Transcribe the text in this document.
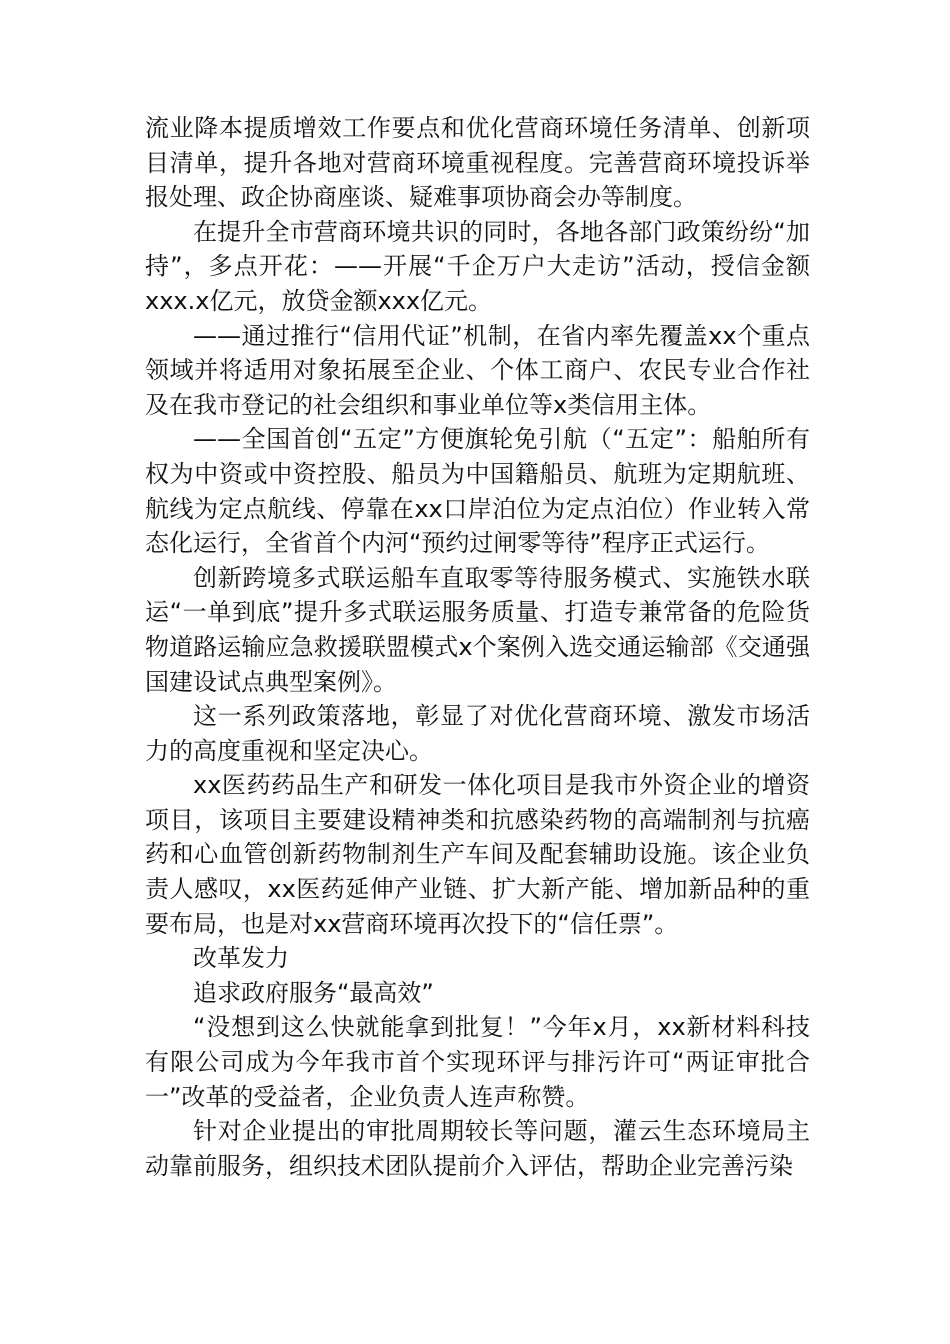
流业降本提质增效工作要点和优化营商环境任务清单、创新项目清单，提升各地对营商环境重视程度。完善营商环境投诉举报处理、政企协商座谈、疑难事项协商会办等制度。

在提升全市营商环境共识的同时，各地各部门政策纷纷“加持”，多点开花：——开展“千企万户大走访”活动，授信金额xxx.x亿元，放贷金额xxx亿元。

——通过推行“信用代证”机制，在省内率先覆盖xx个重点领域并将适用对象拓展至企业、个体工商户、农民专业合作社及在我市登记的社会组织和事业单位等x类信用主体。

——全国首创“五定”方便旗轮免引航（“五定”：船舶所有权为中资或中资控股、船员为中国籍船员、航班为定期航班、航线为定点航线、停靠在xx口岸泊位为定点泊位）作业转入常态化运行，全省首个内河“预约过闸零等待”程序正式运行。

创新跨境多式联运船车直取零等待服务模式、实施铁水联运“一单到底”提升多式联运服务质量、打造专兼常备的危险货物道路运输应急救援联盟模式x个案例入选交通运输部《交通强国建设试点典型案例》。

这一系列政策落地，彰显了对优化营商环境、激发市场活力的高度重视和坚定决心。

xx医药药品生产和研发一体化项目是我市外资企业的增资项目，该项目主要建设精神类和抗感染药物的高端制剂与抗癌药和心血管创新药物制剂生产车间及配套辅助设施。该企业负责人感叹，xx医药延伸产业链、扩大新产能、增加新品种的重要布局，也是对xx营商环境再次投下的“信任票”。

改革发力

追求政府服务“最高效”

“没想到这么快就能拿到批复！”今年x月，xx新材料科技有限公司成为今年我市首个实现环评与排污许可“两证审批合一”改革的受益者，企业负责人连声称赞。

针对企业提出的审批周期较长等问题，灌云生态环境局主动靠前服务，组织技术团队提前介入评估，帮助企业完善污染
